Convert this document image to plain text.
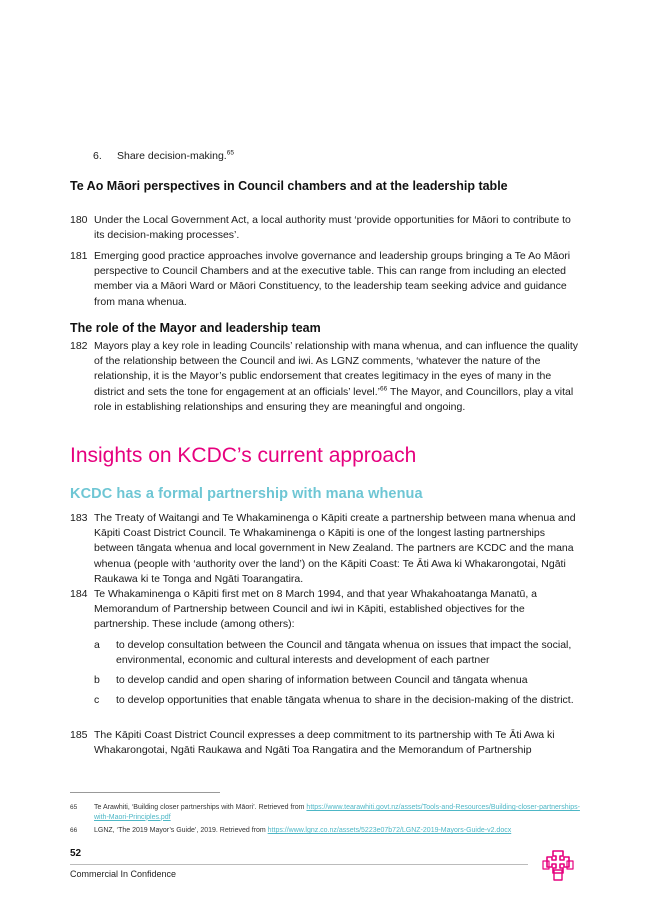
6. Share decision-making.$^{65}$
Te Ao Māori perspectives in Council chambers and at the leadership table
180 Under the Local Government Act, a local authority must ‘provide opportunities for Māori to contribute to its decision-making processes’.
181 Emerging good practice approaches involve governance and leadership groups bringing a Te Ao Māori perspective to Council Chambers and at the executive table. This can range from including an elected member via a Māori Ward or Māori Constituency, to the leadership team seeking advice and guidance from mana whenua.
The role of the Mayor and leadership team
182 Mayors play a key role in leading Councils’ relationship with mana whenua, and can influence the quality of the relationship between the Council and iwi. As LGNZ comments, ‘whatever the nature of the relationship, it is the Mayor’s public endorsement that creates legitimacy in the eyes of many in the district and sets the tone for engagement at an officials’ level.’$^{66}$ The Mayor, and Councillors, play a vital role in establishing relationships and ensuring they are meaningful and ongoing.
Insights on KCDC’s current approach
KCDC has a formal partnership with mana whenua
183 The Treaty of Waitangi and Te Whakaminenga o Kāpiti create a partnership between mana whenua and Kāpiti Coast District Council. Te Whakaminenga o Kāpiti is one of the longest lasting partnerships between tāngata whenua and local government in New Zealand. The partners are KCDC and the mana whenua (people with ‘authority over the land’) on the Kāpiti Coast: Te Āti Awa ki Whakarongotai, Ngāti Raukawa ki te Tonga and Ngāti Toarangatira.
184 Te Whakaminenga o Kāpiti first met on 8 March 1994, and that year Whakahoatanga Manatū, a Memorandum of Partnership between Council and iwi in Kāpiti, established objectives for the partnership. These include (among others):
a	to develop consultation between the Council and tāngata whenua on issues that impact the social, environmental, economic and cultural interests and development of each partner
b	to develop candid and open sharing of information between Council and tāngata whenua
c	to develop opportunities that enable tāngata whenua to share in the decision-making of the district.
185 The Kāpiti Coast District Council expresses a deep commitment to its partnership with Te Āti Awa ki Whakarongotai, Ngāti Raukawa and Ngāti Toa Rangatira and the Memorandum of Partnership
65	Te Arawhiti, ‘Building closer partnerships with Māori’. Retrieved from https://www.tearawhiti.govt.nz/assets/Tools-and-Resources/Building-closer-partnerships-with-Maori-Principles.pdf
66	LGNZ, ‘The 2019 Mayor’s Guide’, 2019. Retrieved from https://www.lgnz.co.nz/assets/5223e07b72/LGNZ-2019-Mayors-Guide-v2.docx
52
Commercial In Confidence
